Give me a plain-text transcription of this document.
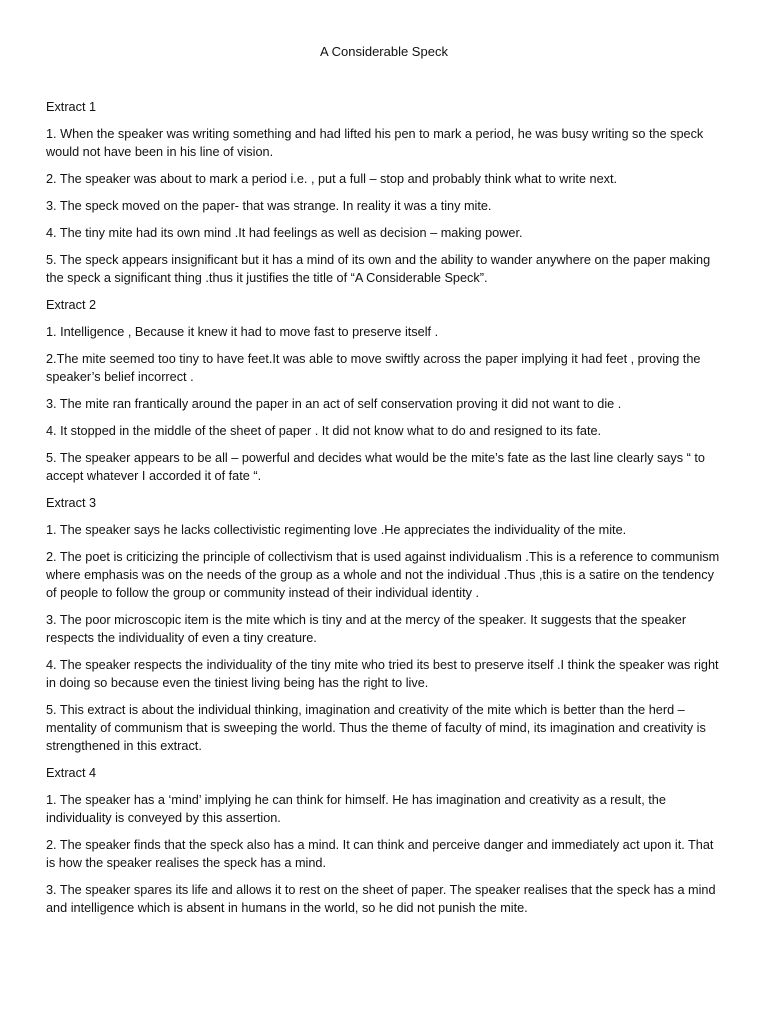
A Considerable Speck
Extract 1

1. When the speaker was writing something and had lifted his pen to mark a period, he was busy writing so the speck would not have been in his line of vision.

2. The speaker was about to mark a period i.e. , put a full – stop and probably think what to write next.

3. The speck moved on the paper- that was strange. In reality it was a tiny mite.

4. The tiny mite had its own mind .It had feelings as well as decision – making power.

5. The speck appears insignificant but it has a mind of its own and the ability to wander anywhere on the paper making the speck a significant thing .thus it justifies the title of “A Considerable Speck”.

Extract 2

1. Intelligence , Because it knew it had to move fast to preserve itself .

2.The mite seemed too tiny to have feet.It was able to move swiftly across the paper implying it had feet , proving the speaker’s belief incorrect .

3. The mite ran frantically around the paper in an act of self conservation proving it did not want to die .

4. It stopped in the middle of the sheet of paper . It did not know what to do and resigned to its fate.

5. The speaker appears to be all – powerful and decides what would be the mite’s fate as the last line clearly says “ to accept whatever I accorded it of fate “.

Extract 3

1. The speaker says he lacks collectivistic regimenting love .He appreciates the individuality of the mite.

2. The poet is criticizing the principle of collectivism that is used against individualism .This is a reference to communism where emphasis was on the needs of the group as a whole and not the individual .Thus ,this is a satire on the tendency of people to follow the group or community instead of their individual identity .

3. The poor microscopic item is the mite which is tiny and at the mercy of the speaker. It suggests that the speaker respects the individuality of even a tiny creature.

4. The speaker respects the individuality of the tiny mite who tried its best to preserve itself .I think the speaker was right in doing so because even the tiniest living being has the right to live.

5. This extract is about the individual thinking, imagination and creativity of the mite which is better than the herd – mentality of communism that is sweeping the world. Thus the theme of faculty of mind, its imagination and creativity is strengthened in this extract.

Extract 4

1. The speaker has a ‘mind’ implying he can think for himself. He has imagination and creativity as a result, the individuality is conveyed by this assertion.

2. The speaker finds that the speck also has a mind. It can think and perceive danger and immediately act upon it. That is how the speaker realises the speck has a mind.

3. The speaker spares its life and allows it to rest on the sheet of paper. The speaker realises that the speck has a mind and intelligence which is absent in humans in the world, so he did not punish the mite.
